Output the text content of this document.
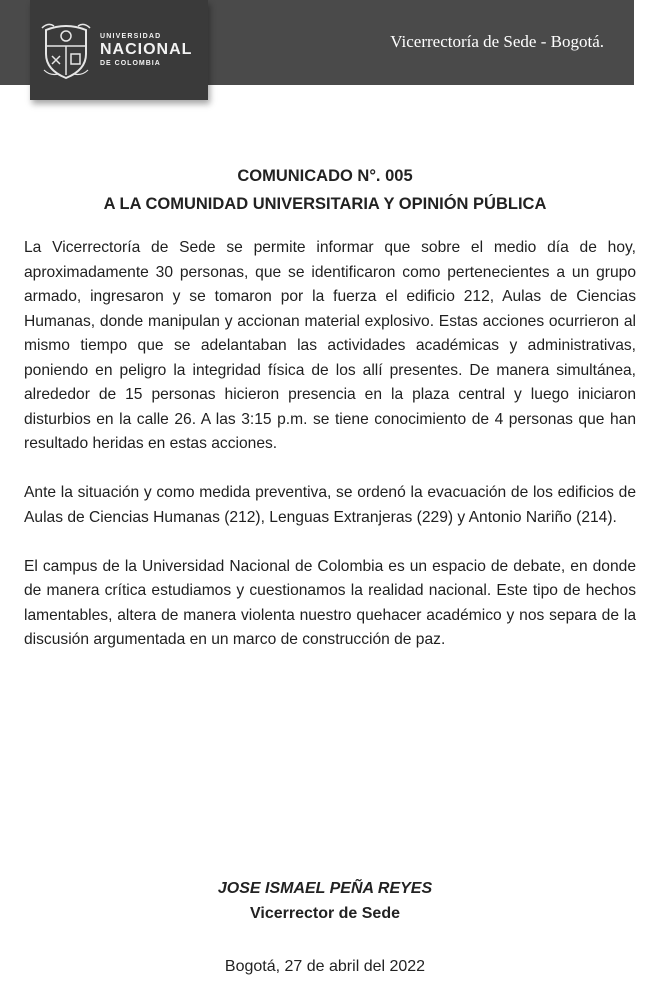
UNIVERSIDAD
NACIONAL
DE COLOMBIA
Vicerrectoría de Sede - Bogotá.
COMUNICADO N°. 005
A LA COMUNIDAD UNIVERSITARIA Y OPINIÓN PÚBLICA

La Vicerrectoría de Sede se permite informar que sobre el medio día de hoy, aproximadamente 30 personas, que se identificaron como pertenecientes a un grupo armado, ingresaron y se tomaron por la fuerza el edificio 212, Aulas de Ciencias Humanas, donde manipulan y accionan material explosivo. Estas acciones ocurrieron al mismo tiempo que se adelantaban las actividades académicas y administrativas, poniendo en peligro la integridad física de los allí presentes. De manera simultánea, alrededor de 15 personas hicieron presencia en la plaza central y luego iniciaron disturbios en la calle 26. A las 3:15 p.m. se tiene conocimiento de 4 personas que han resultado heridas en estas acciones.

Ante la situación y como medida preventiva, se ordenó la evacuación de los edificios de Aulas de Ciencias Humanas (212), Lenguas Extranjeras (229) y Antonio Nariño (214).

El campus de la Universidad Nacional de Colombia es un espacio de debate, en donde de manera crítica estudiamos y cuestionamos la realidad nacional. Este tipo de hechos lamentables, altera de manera violenta nuestro quehacer académico y nos separa de la discusión argumentada en un marco de construcción de paz.

JOSE ISMAEL PEÑA REYES
Vicerrector de Sede
Bogotá, 27 de abril del 2022
